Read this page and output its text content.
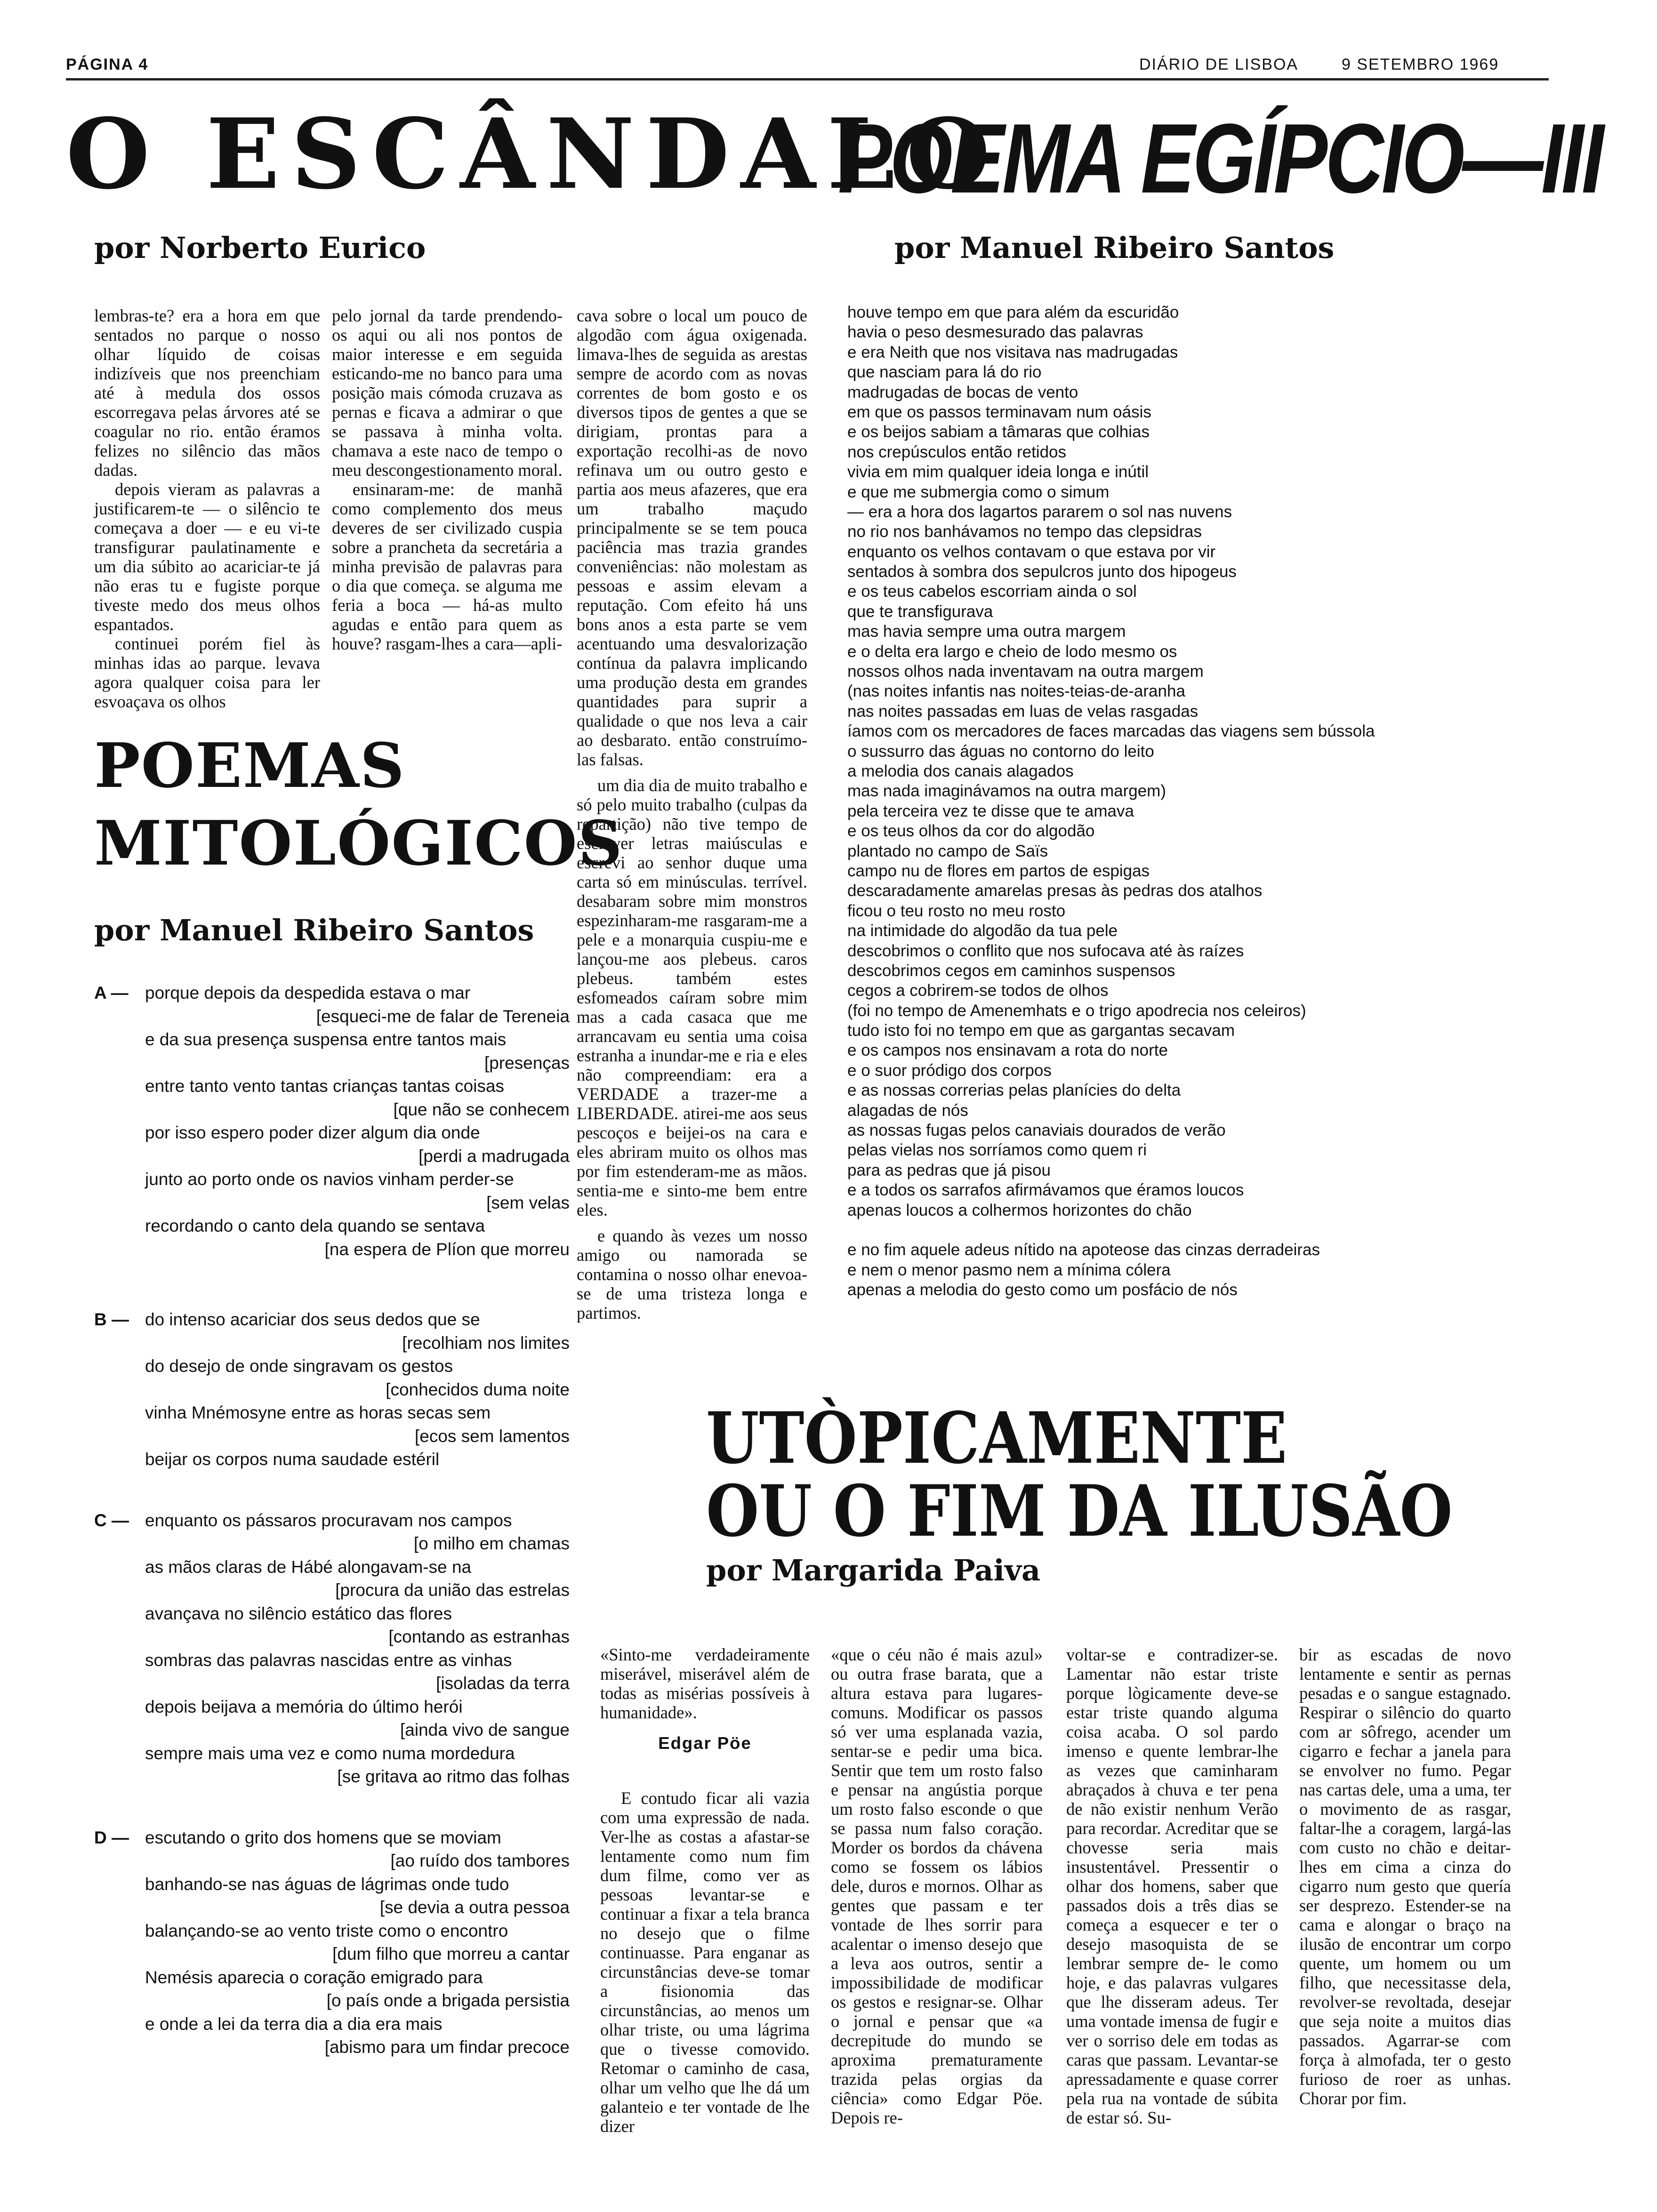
PÁGINA 4	DIÁRIO DE LISBOA	9 SETEMBRO 1969
O ESCÂNDALO
por Norberto Eurico

lembras-te? era a hora em que sentados no parque o nosso olhar líquido de coisas indizíveis que nos preenchiam até à medula dos ossos escorregava pelas árvores até se coagular no rio. então éramos felizes no silêncio das mãos dadas.

depois vieram as palavras a justificarem-te — o silêncio te começava a doer — e eu vi-te transfigurar paulatinamente e um dia súbito ao acariciar-te já não eras tu e fugiste porque tiveste medo dos meus olhos espantados.

continuei porém fiel às minhas idas ao parque. levava agora qualquer coisa para ler esvoaçava os olhos

pelo jornal da tarde prendendo-os aqui ou ali nos pontos de maior interesse e em seguida esticando-me no banco para uma posição mais cómoda cruzava as pernas e ficava a admirar o que se passava à minha volta. chamava a este naco de tempo o meu descongestionamento moral.

ensinaram-me: de manhã como complemento dos meus deveres de ser civilizado cuspia sobre a prancheta da secretária a minha previsão de palavras para o dia que começa. se alguma me feria a boca — há-as multo agudas e então para quem as houve? rasgam-lhes a cara—apli-

cava sobre o local um pouco de algodão com água oxigenada. limava-lhes de seguida as arestas sempre de acordo com as novas correntes de bom gosto e os diversos tipos de gentes a que se dirigiam, prontas para a exportação recolhi-as de novo refinava um ou outro gesto e partia aos meus afazeres, que era um trabalho maçudo principalmente se se tem pouca paciência mas trazia grandes conveniências: não molestam as pessoas e assim elevam a reputação. Com efeito há uns bons anos a esta parte se vem acentuando uma desvalorização contínua da palavra implicando uma produção desta em grandes quantidades para suprir a qualidade o que nos leva a cair ao desbarato. então construímo-las falsas.

um dia dia de muito trabalho e só pelo muito trabalho (culpas da repartição) não tive tempo de escrever letras maiúsculas e escrevi ao senhor duque uma carta só em minúsculas. terrível. desabaram sobre mim monstros espezinharam-me rasgaram-me a pele e a monarquia cuspiu-me e lançou-me aos plebeus. caros plebeus. também estes esfomeados caíram sobre mim mas a cada casaca que me arrancavam eu sentia uma coisa estranha a inundar-me e ria e eles não compreendiam: era a VERDADE a trazer-me a LIBERDADE. atirei-me aos seus pescoços e beijei-os na cara e eles abriram muito os olhos mas por fim estenderam-me as mãos. sentia-me e sinto-me bem entre eles.

e quando às vezes um nosso amigo ou namorada se contamina o nosso olhar enevoa-se de uma tristeza longa e partimos.

POEMA EGÍPCIO—III
por Manuel Ribeiro Santos
houve tempo em que para além da escuridão
havia o peso desmesurado das palavras
e era Neith que nos visitava nas madrugadas
que nasciam para lá do rio
madrugadas de bocas de vento
em que os passos terminavam num oásis
e os beijos sabiam a tâmaras que colhias
nos crepúsculos então retidos
vivia em mim qualquer ideia longa e inútil
e que me submergia como o simum
— era a hora dos lagartos pararem o sol nas nuvens
no rio nos banhávamos no tempo das clepsidras
enquanto os velhos contavam o que estava por vir
sentados à sombra dos sepulcros junto dos hipogeus
e os teus cabelos escorriam ainda o sol
que te transfigurava
mas havia sempre uma outra margem
e o delta era largo e cheio de lodo mesmo os
nossos olhos nada inventavam na outra margem
(nas noites infantis nas noites-teias-de-aranha
nas noites passadas em luas de velas rasgadas
íamos com os mercadores de faces marcadas das viagens sem bússola
o sussurro das águas no contorno do leito
a melodia dos canais alagados
mas nada imaginávamos na outra margem)
pela terceira vez te disse que te amava
e os teus olhos da cor do algodão
plantado no campo de Saïs
campo nu de flores em partos de espigas
descaradamente amarelas presas às pedras dos atalhos
ficou o teu rosto no meu rosto
na intimidade do algodão da tua pele
descobrimos o conflito que nos sufocava até às raízes
descobrimos cegos em caminhos suspensos
cegos a cobrirem-se todos de olhos
(foi no tempo de Amenemhats e o trigo apodrecia nos celeiros)
tudo isto foi no tempo em que as gargantas secavam
e os campos nos ensinavam a rota do norte
e o suor pródigo dos corpos
e as nossas correrias pelas planícies do delta
alagadas de nós
as nossas fugas pelos canaviais dourados de verão
pelas vielas nos sorríamos como quem ri
para as pedras que já pisou
e a todos os sarrafos afirmávamos que éramos loucos
apenas loucos a colhermos horizontes do chão
e no fim aquele adeus nítido na apoteose das cinzas derradeiras
e nem o menor pasmo nem a mínima cólera
apenas a melodia do gesto como um posfácio de nós
POEMAS
MITOLÓGICOS
por Manuel Ribeiro Santos
A — porque depois da despedida estava o mar
[esqueci-me de falar de Tereneia
e da sua presença suspensa entre tantos mais
[presenças
entre tanto vento tantas crianças tantas coisas
[que não se conhecem
por isso espero poder dizer algum dia onde
[perdi a madrugada
junto ao porto onde os navios vinham perder-se
[sem velas
recordando o canto dela quando se sentava
[na espera de Plíon que morreu
B — do intenso acariciar dos seus dedos que se
[recolhiam nos limites
do desejo de onde singravam os gestos
[conhecidos duma noite
vinha Mnémosyne entre as horas secas sem
[ecos sem lamentos
beijar os corpos numa saudade estéril
C — enquanto os pássaros procuravam nos campos
[o milho em chamas
as mãos claras de Hábé alongavam-se na
[procura da união das estrelas
avançava no silêncio estático das flores
[contando as estranhas
sombras das palavras nascidas entre as vinhas
[isoladas da terra
depois beijava a memória do último herói
[ainda vivo de sangue
sempre mais uma vez e como numa mordedura
[se gritava ao ritmo das folhas
D — escutando o grito dos homens que se moviam
[ao ruído dos tambores
banhando-se nas águas de lágrimas onde tudo
[se devia a outra pessoa
balançando-se ao vento triste como o encontro
[dum filho que morreu a cantar
Nemésis aparecia o coração emigrado para
[o país onde a brigada persistia
e onde a lei da terra dia a dia era mais
[abismo para um findar precoce
UTÒPICAMENTE
OU O FIM DA ILUSÃO
por Margarida Paiva
«Sinto-me verdadeiramente miserável, miserável além de todas as misérias possíveis à humanidade».
Edgar Pöe

E contudo ficar ali vazia com uma expressão de nada. Ver-lhe as costas a afastar-se lentamente como num fim dum filme, como ver as pessoas levantar-se e continuar a fixar a tela branca no desejo que o filme continuasse. Para enganar as circunstâncias deve-se tomar a fisionomia das circunstâncias, ao menos um olhar triste, ou uma lágrima que o tivesse comovido. Retomar o caminho de casa, olhar um velho que lhe dá um galanteio e ter vontade de lhe dizer

«que o céu não é mais azul» ou outra frase barata, que a altura estava para lugares-comuns. Modificar os passos só ver uma esplanada vazia, sentar-se e pedir uma bica. Sentir que tem um rosto falso e pensar na angústia porque um rosto falso esconde o que se passa num falso coração. Morder os bordos da chávena como se fossem os lábios dele, duros e mornos. Olhar as gentes que passam e ter vontade de lhes sorrir para acalentar o imenso desejo que a leva aos outros, sentir a impossibilidade de modificar os gestos e resignar-se. Olhar o jornal e pensar que «a decrepitude do mundo se aproxima prematuramente trazida pelas orgias da ciência» como Edgar Pöe. Depois re-

voltar-se e contradizer-se. Lamentar não estar triste porque lògicamente deve-se estar triste quando alguma coisa acaba. O sol pardo imenso e quente lembrar-lhe as vezes que caminharam abraçados à chuva e ter pena de não existir nenhum Verão para recordar. Acreditar que se chovesse seria mais insustentável. Pressentir o olhar dos homens, saber que passados dois a três dias se começa a esquecer e ter o desejo masoquista de se lembrar sempre de- le como hoje, e das palavras vulgares que lhe disseram adeus. Ter uma vontade imensa de fugir e ver o sorriso dele em todas as caras que passam. Levantar-se apressadamente e quase correr pela rua na vontade de súbita de estar só. Su-

bir as escadas de novo lentamente e sentir as pernas pesadas e o sangue estagnado. Respirar o silêncio do quarto com ar sôfrego, acender um cigarro e fechar a janela para se envolver no fumo. Pegar nas cartas dele, uma a uma, ter o movimento de as rasgar, faltar-lhe a coragem, largá-las com custo no chão e deitar-lhes em cima a cinza do cigarro num gesto que quería ser desprezo. Estender-se na cama e alongar o braço na ilusão de encontrar um corpo quente, um homem ou um filho, que necessitasse dela, revolver-se revoltada, desejar que seja noite a muitos dias passados. Agarrar-se com força à almofada, ter o gesto furioso de roer as unhas. Chorar por fim.
